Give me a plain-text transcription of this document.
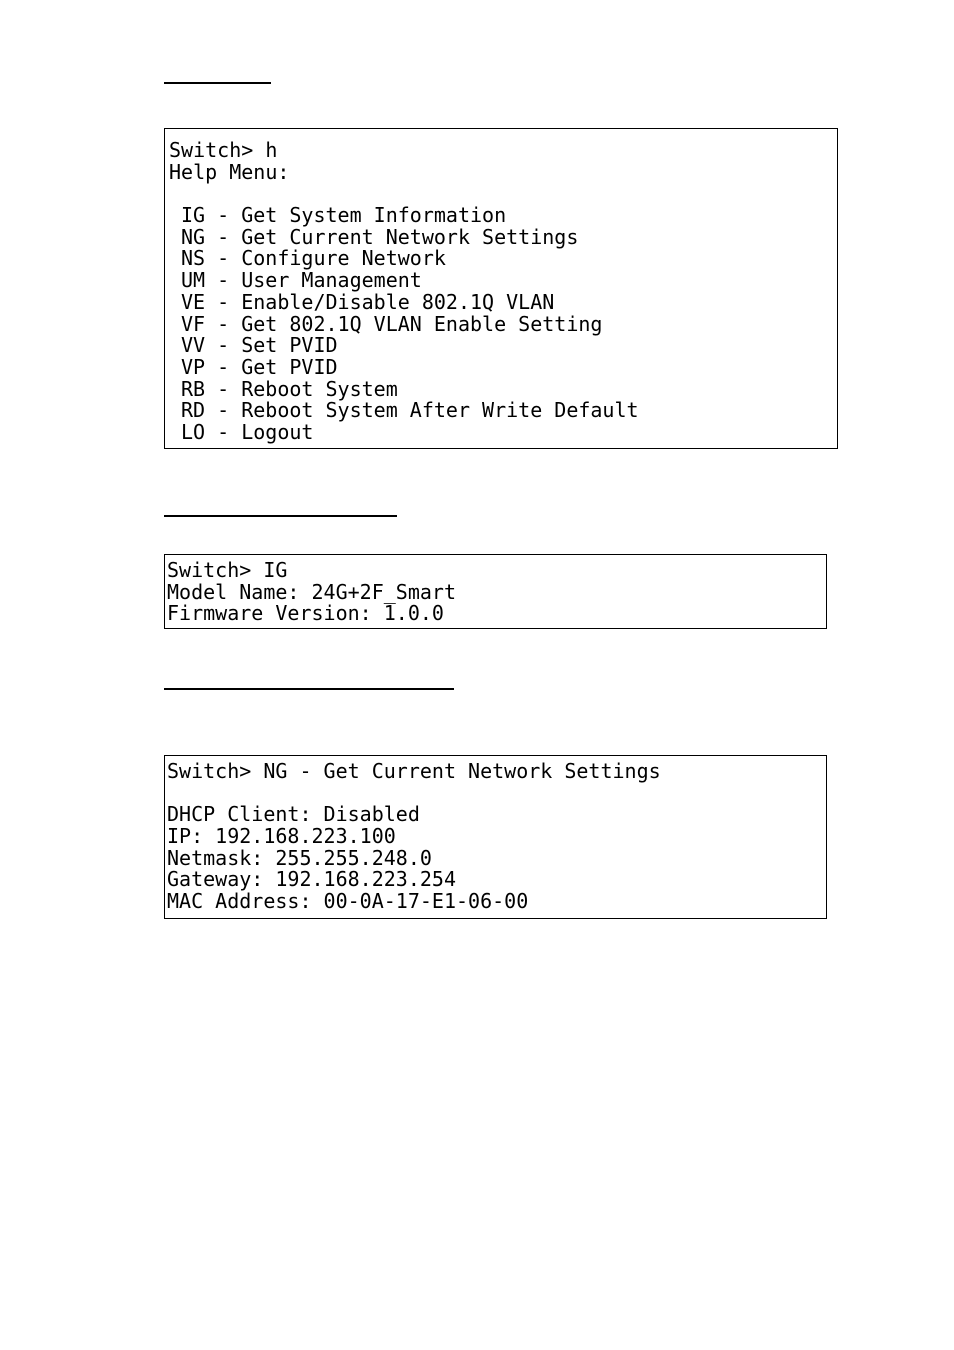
Switch> h
Help Menu:
IG - Get System Information
NG - Get Current Network Settings
NS - Configure Network
UM - User Management
VE - Enable/Disable 802.1Q VLAN
VF - Get 802.1Q VLAN Enable Setting
VV - Set PVID
VP - Get PVID
RB - Reboot System
RD - Reboot System After Write Default
LO - Logout
Switch> IG
Model Name: 24G+2F_Smart
Firmware Version: 1.0.0
Switch> NG - Get Current Network Settings
DHCP Client: Disabled
IP: 192.168.223.100
Netmask: 255.255.248.0
Gateway: 192.168.223.254
MAC Address: 00-0A-17-E1-06-00
